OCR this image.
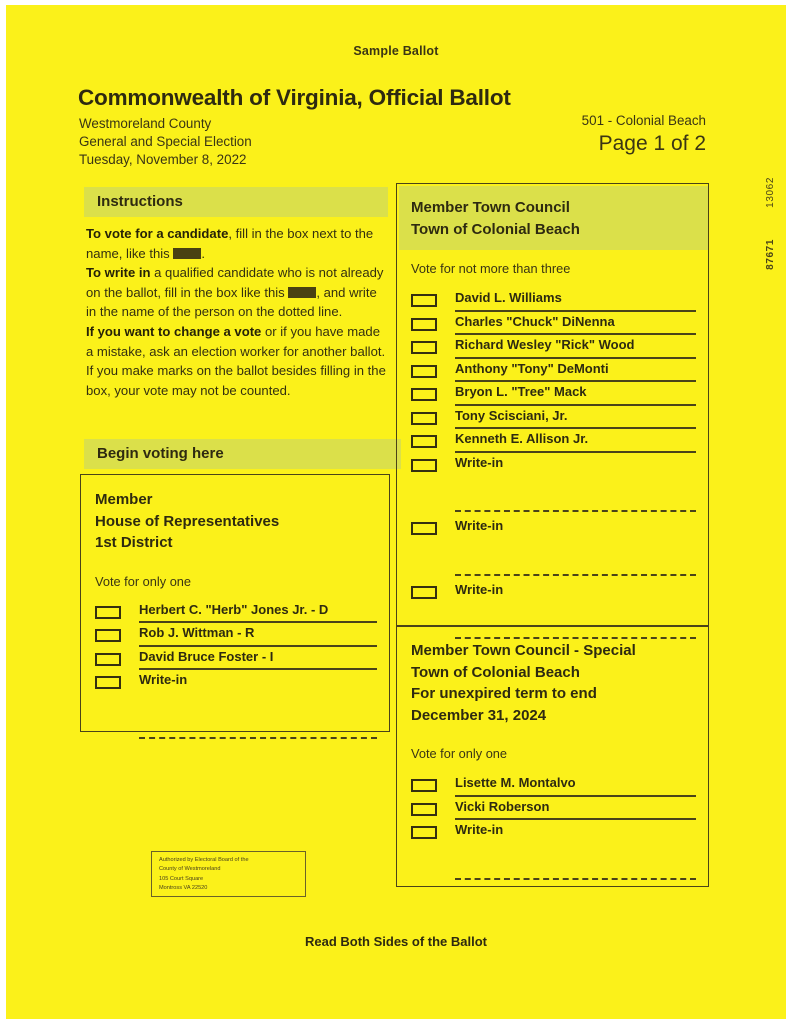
Sample Ballot
Commonwealth of Virginia, Official Ballot
Westmoreland County
General and Special Election
Tuesday, November 8, 2022
501 - Colonial Beach
Page 1 of 2
13062
87671
Instructions

To vote for a candidate, fill in the box next to the name, like this .

To write in a qualified candidate who is not already on the ballot, fill in the box like this , and write in the name of the person on the dotted line.

If you want to change a vote or if you have made a mistake, ask an election worker for another ballot. If you make marks on the ballot besides filling in the box, your vote may not be counted.

Begin voting here
Member
House of Representatives
1st District
Vote for only one
Herbert C. "Herb" Jones Jr. - D
Rob J. Wittman - R
David Bruce Foster - I
Write-in
Member Town Council
Town of Colonial Beach
Vote for not more than three
David L. Williams
Charles "Chuck" DiNenna
Richard Wesley "Rick" Wood
Anthony "Tony" DeMonti
Bryon L. "Tree" Mack
Tony Scisciani, Jr.
Kenneth E. Allison Jr.
Write-in
Write-in
Write-in
Member Town Council - Special
Town of Colonial Beach
For unexpired term to end
December 31, 2024
Vote for only one
Lisette M. Montalvo
Vicki Roberson
Write-in
Authorized by Electoral Board of the
County of Westmoreland
105 Court Square
Montross VA 22520
Read Both Sides of the Ballot
